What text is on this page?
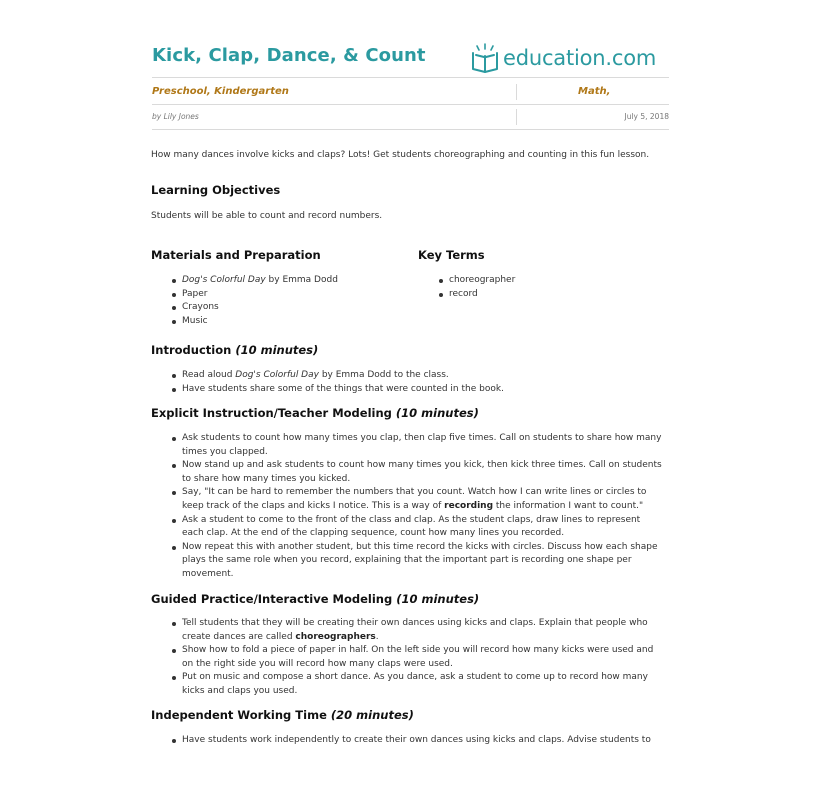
Kick, Clap, Dance, & Count	education.com
Preschool, Kindergarten	Math,
by Lily Jones	July 5, 2018
How many dances involve kicks and claps? Lots! Get students choreographing and counting in this fun lesson.
Learning Objectives
Students will be able to count and record numbers.
Materials and Preparation
Dog's Colorful Day by Emma Dodd
Paper
Crayons
Music
Key Terms
choreographer
record
Introduction (10 minutes)
Read aloud Dog's Colorful Day by Emma Dodd to the class.
Have students share some of the things that were counted in the book.
Explicit Instruction/Teacher Modeling (10 minutes)
Ask students to count how many times you clap, then clap five times. Call on students to share how many
times you clapped.
Now stand up and ask students to count how many times you kick, then kick three times. Call on students
to share how many times you kicked.
Say, "It can be hard to remember the numbers that you count. Watch how I can write lines or circles to
keep track of the claps and kicks I notice. This is a way of recording the information I want to count."
Ask a student to come to the front of the class and clap. As the student claps, draw lines to represent
each clap. At the end of the clapping sequence, count how many lines you recorded.
Now repeat this with another student, but this time record the kicks with circles. Discuss how each shape
plays the same role when you record, explaining that the important part is recording one shape per
movement.
Guided Practice/Interactive Modeling (10 minutes)
Tell students that they will be creating their own dances using kicks and claps. Explain that people who
create dances are called choreographers.
Show how to fold a piece of paper in half. On the left side you will record how many kicks were used and
on the right side you will record how many claps were used.
Put on music and compose a short dance. As you dance, ask a student to come up to record how many
kicks and claps you used.
Independent Working Time (20 minutes)
Have students work independently to create their own dances using kicks and claps. Advise students to
